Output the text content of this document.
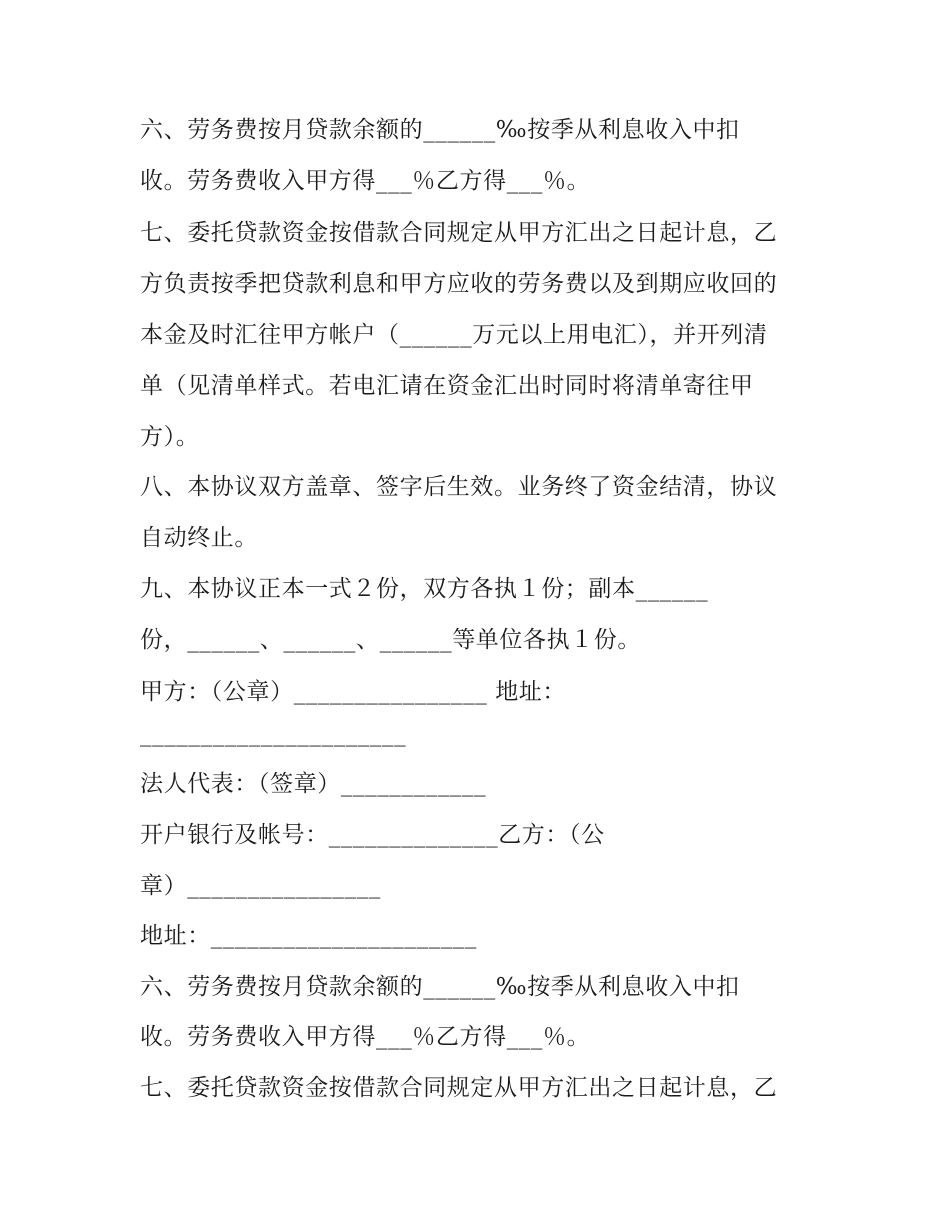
六、劳务费按月贷款余额的______‰按季从利息收入中扣
收。劳务费收入甲方得___％乙方得___％。
七、委托贷款资金按借款合同规定从甲方汇出之日起计息，乙
方负责按季把贷款利息和甲方应收的劳务费以及到期应收回的
本金及时汇往甲方帐户（______万元以上用电汇），并开列清
单（见清单样式。若电汇请在资金汇出时同时将清单寄往甲
方）。
八、本协议双方盖章、签字后生效。业务终了资金结清，协议
自动终止。
九、本协议正本一式２份，双方各执１份；副本______
份，______、______、______等单位各执１份。
甲方：（公章）________________ 地址：
______________________
法人代表：（签章）____________
开户银行及帐号：______________乙方：（公
章）________________
地址：______________________
六、劳务费按月贷款余额的______‰按季从利息收入中扣
收。劳务费收入甲方得___％乙方得___％。
七、委托贷款资金按借款合同规定从甲方汇出之日起计息，乙
